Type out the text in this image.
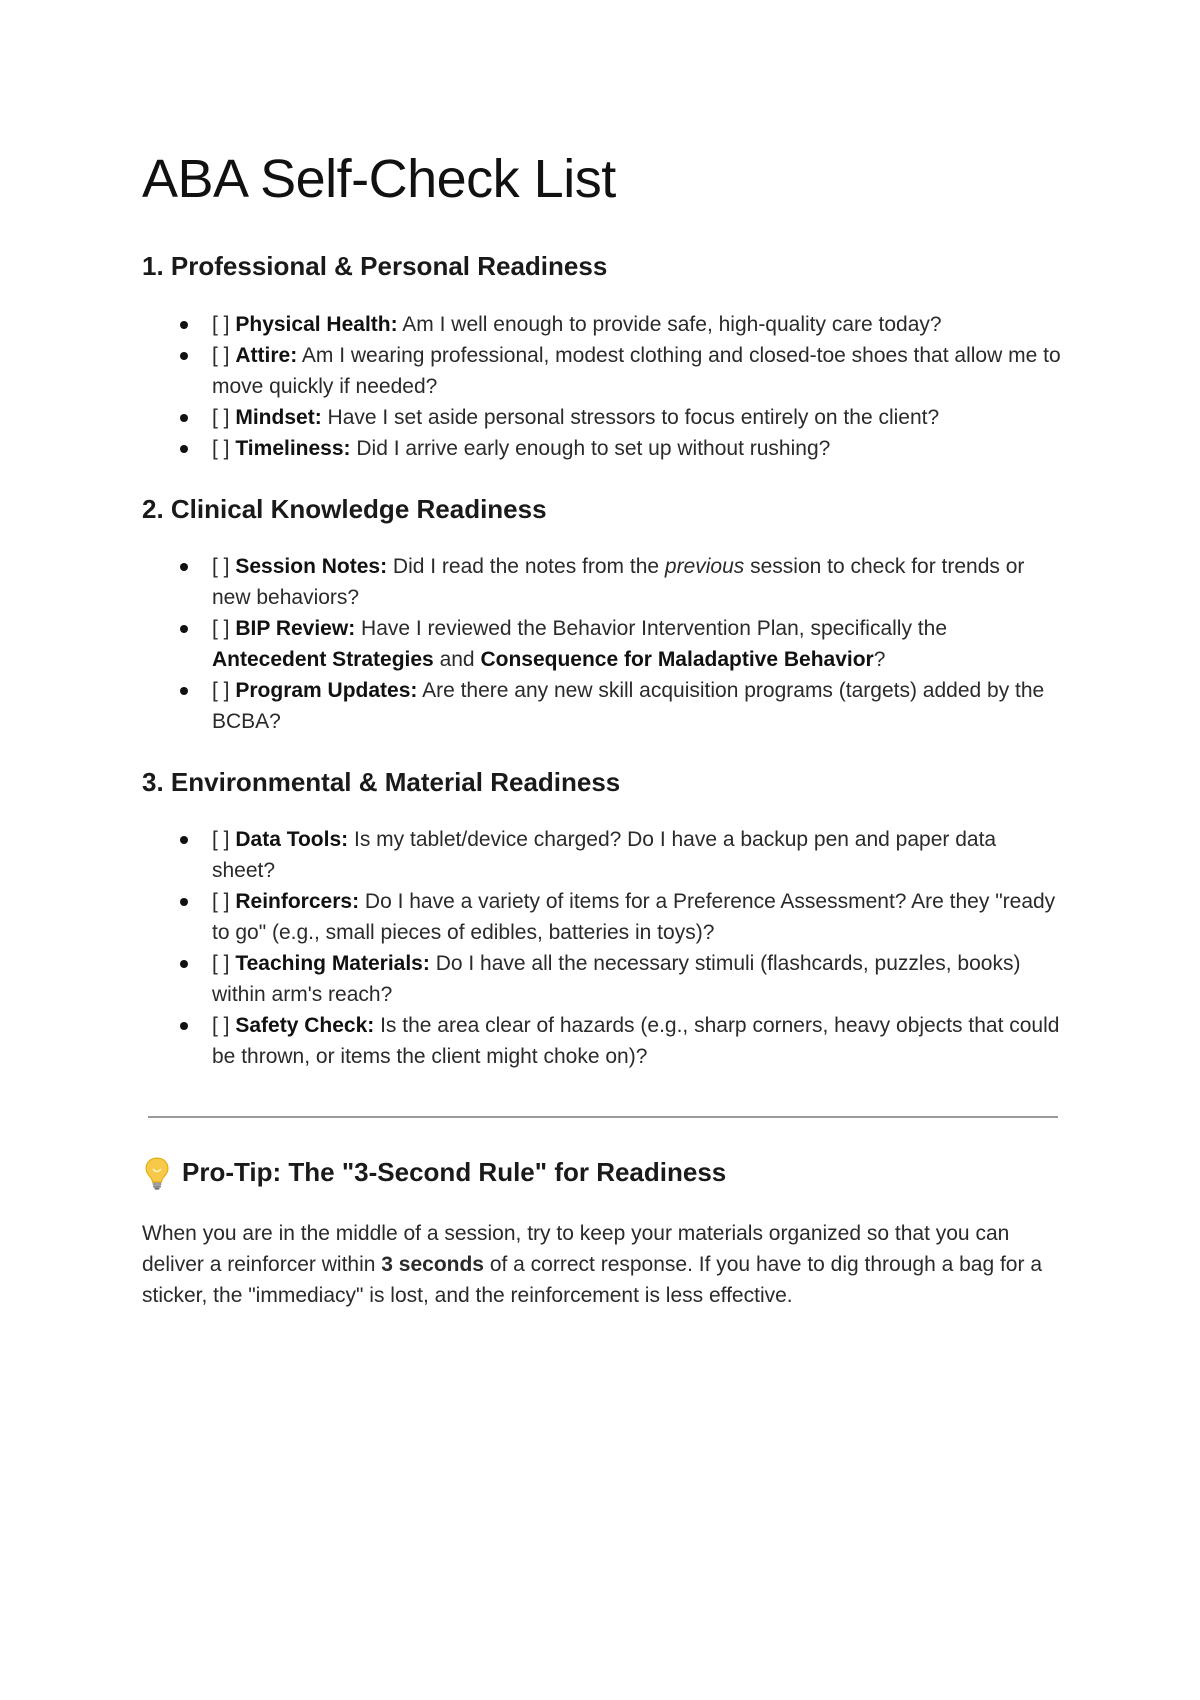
ABA Self-Check List
1. Professional & Personal Readiness
[ ] Physical Health: Am I well enough to provide safe, high-quality care today?
[ ] Attire: Am I wearing professional, modest clothing and closed-toe shoes that allow me to move quickly if needed?
[ ] Mindset: Have I set aside personal stressors to focus entirely on the client?
[ ] Timeliness: Did I arrive early enough to set up without rushing?
2. Clinical Knowledge Readiness
[ ] Session Notes: Did I read the notes from the previous session to check for trends or new behaviors?
[ ] BIP Review: Have I reviewed the Behavior Intervention Plan, specifically the Antecedent Strategies and Consequence for Maladaptive Behavior?
[ ] Program Updates: Are there any new skill acquisition programs (targets) added by the BCBA?
3. Environmental & Material Readiness
[ ] Data Tools: Is my tablet/device charged? Do I have a backup pen and paper data sheet?
[ ] Reinforcers: Do I have a variety of items for a Preference Assessment? Are they "ready to go" (e.g., small pieces of edibles, batteries in toys)?
[ ] Teaching Materials: Do I have all the necessary stimuli (flashcards, puzzles, books) within arm's reach?
[ ] Safety Check: Is the area clear of hazards (e.g., sharp corners, heavy objects that could be thrown, or items the client might choke on)?
Pro-Tip: The "3-Second Rule" for Readiness

When you are in the middle of a session, try to keep your materials organized so that you can deliver a reinforcer within 3 seconds of a correct response. If you have to dig through a bag for a sticker, the "immediacy" is lost, and the reinforcement is less effective.
